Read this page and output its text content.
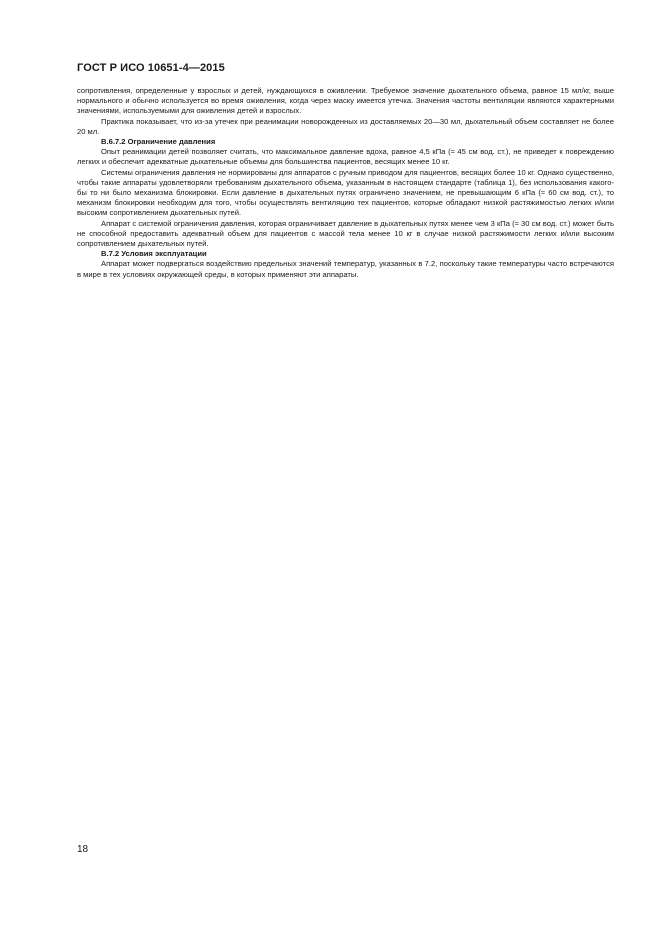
ГОСТ Р ИСО 10651-4—2015

сопротивления, определенные у взрослых и детей, нуждающихся в оживлении. Требуемое значение дыхательного объема, равное 15 мл/кг, выше нормального и обычно используется во время оживления, когда через маску имеется утечка. Значения частоты вентиляции являются характерными значениями, используемыми для оживления детей и взрослых.

Практика показывает, что из-за утечек при реанимации новорожденных из доставляемых 20—30 мл, дыхательный объем составляет не более 20 мл.

В.6.7.2 Ограничение давления

Опыт реанимации детей позволяет считать, что максимальное давление вдоха, равное 4,5 кПа (≈ 45 см вод. ст.), не приведет к повреждению легких и обеспечит адекватные дыхательные объемы для большинства пациентов, весящих менее 10 кг.

Системы ограничения давления не нормированы для аппаратов с ручным приводом для пациентов, весящих более 10 кг. Однако существенно, чтобы такие аппараты удовлетворяли требованиям дыхательного объема, указанным в настоящем стандарте (таблица 1), без использования какого-бы то ни было механизма блокировки. Если давление в дыхательных путях ограничено значением, не превышающим 6 кПа (≈ 60 см вод. ст.), то механизм блокировки необходим для того, чтобы осуществлять вентиляцию тех пациентов, которые обладают низкой растяжимостью легких и/или высоким сопротивлением дыхательных путей.

Аппарат с системой ограничения давления, которая ограничивает давление в дыхательных путях менее чем 3 кПа (≈ 30 см вод. ст.) может быть не способной предоставить адекватный объем для пациентов с массой тела менее 10 кг в случае низкой растяжимости легких и/или высоким сопротивлением дыхательных путей.

В.7.2 Условия эксплуатации

Аппарат может подвергаться воздействию предельных значений температур, указанных в 7.2, поскольку такие температуры часто встречаются в мире в тех условиях окружающей среды, в которых применяют эти аппараты.

18
